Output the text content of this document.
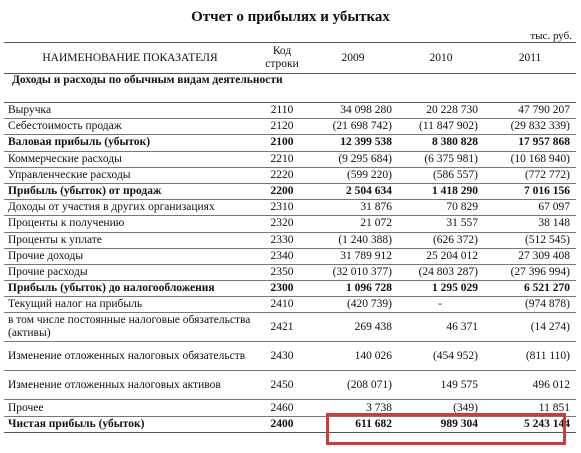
Отчет о прибылях и убытках
тыс. руб.
НАИМЕНОВАНИЕ ПОКАЗАТЕЛЯ	Код строки	2009	2010	2011
Доходы и расходы по обычным видам деятельности				
Выручка	2110	34 098 280	20 228 730	47 790 207
Себестоимость продаж	2120	(21 698 742)	(11 847 902)	(29 832 339)
Валовая прибыль (убыток)	2100	12 399 538	8 380 828	17 957 868
Коммерческие расходы	2210	(9 295 684)	(6 375 981)	(10 168 940)
Управленческие расходы	2220	(599 220)	(586 557)	(772 772)
Прибыль (убыток) от продаж	2200	2 504 634	1 418 290	7 016 156
Доходы от участия в других организациях	2310	31 876	70 829	67 097
Проценты к получению	2320	21 072	31 557	38 148
Проценты к уплате	2330	(1 240 388)	(626 372)	(512 545)
Прочие доходы	2340	31 789 912	25 204 012	27 309 408
Прочие расходы	2350	(32 010 377)	(24 803 287)	(27 396 994)
Прибыль (убыток) до налогообложения	2300	1 096 728	1 295 029	6 521 270
Текущий налог на прибыль	2410	(420 739)	-	(974 878)
в том числе постоянные налоговые обязательства (активы)	2421	269 438	46 371	(14 274)
Изменение отложенных налоговых обязательств	2430	140 026	(454 952)	(811 110)
Изменение отложенных налоговых активов	2450	(208 071)	149 575	496 012
Прочее	2460	3 738	(349)	11 851
Чистая прибыль (убыток)	2400	611 682	989 304	5 243 144
